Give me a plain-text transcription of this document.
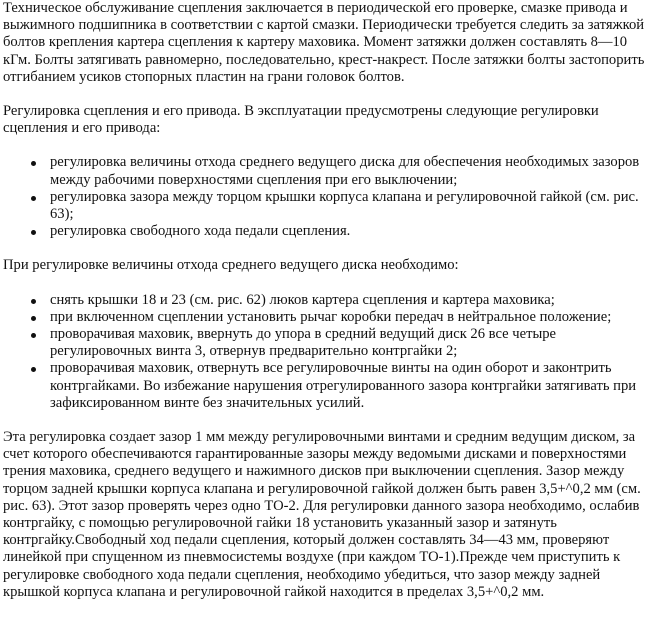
Техническое обслуживание сцепления заключается в периодической его проверке, смазке привода и выжимного подшипника в соответствии с картой смазки. Периодически требуется следить за затяжкой болтов крепления картера сцепления к картеру маховика. Момент затяжки должен составлять 8—10 кГм. Болты затягивать равномерно, последовательно, крест-накрест. После затяжки болты застопорить отгибанием усиков стопорных пластин на грани головок болтов.

Регулировка сцепления и его привода. В эксплуатации предусмотрены следующие регулировки сцепления и его привода:

регулировка величины отхода среднего ведущего диска для обеспечения необходимых зазоров между рабочими поверхностями сцепления при его выключении;
регулировка зазора между торцом крышки корпуса клапана и регулировочной гайкой (см. рис. 63);
регулировка свободного хода педали сцепления.

При регулировке величины отхода среднего ведущего диска необходимо:

снять крышки 18 и 23 (см. рис. 62) люков картера сцепления и картера маховика;
при включенном сцеплении установить рычаг коробки передач в нейтральное положение;
проворачивая маховик, ввернуть до упора в средний ведущий диск 26 все четыре регулировочных винта 3, отвернув предварительно контргайки 2;
проворачивая маховик, отвернуть все регулировочные винты на один оборот и законтрить контргайками. Во избежание нарушения отрегулированного зазора контргайки затягивать при зафиксированном винте без значительных усилий.

Эта регулировка создает зазор 1 мм между регулировочными винтами и средним ведущим диском, за счет которого обеспечиваются гарантированные зазоры между ведомыми дисками и поверхностями трения маховика, среднего ведущего и нажимного дисков при выключении сцепления. Зазор между торцом задней крышки корпуса клапана и регулировочной гайкой должен быть равен 3,5+^0,2 мм (см. рис. 63). Этот зазор проверять через одно ТО-2. Для регулировки данного зазора необходимо, ослабив контргайку, с помощью регулировочной гайки 18 установить указанный зазор и затянуть контргайку.Свободный ход педали сцепления, который должен составлять 34—43 мм, проверяют линейкой при спущенном из пневмосистемы воздухе (при каждом ТО-1).Прежде чем приступить к регулировке свободного хода педали сцепления, необходимо убедиться, что зазор между задней крышкой корпуса клапана и регулировочной гайкой находится в пределах 3,5+^0,2 мм.
